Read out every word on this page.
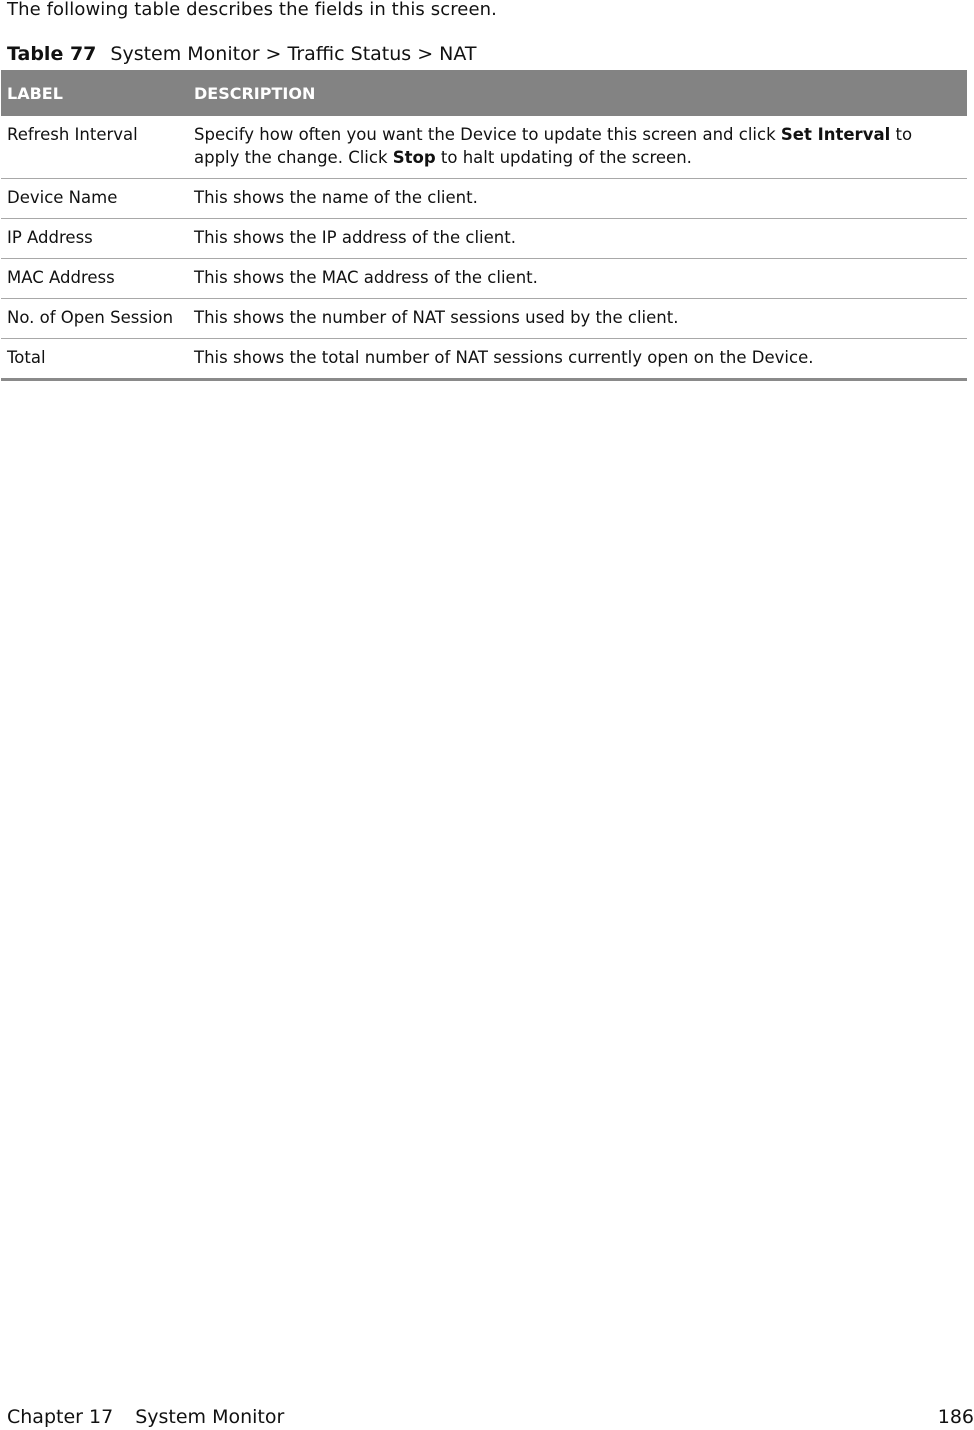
The following table describes the fields in this screen.
Table 77 System Monitor > Traffic Status > NAT
LABEL	DESCRIPTION
Refresh Interval	Specify how often you want the Device to update this screen and click Set Interval to apply the change. Click Stop to halt updating of the screen.
Device Name	This shows the name of the client.
IP Address	This shows the IP address of the client.
MAC Address	This shows the MAC address of the client.
No. of Open Session	This shows the number of NAT sessions used by the client.
Total	This shows the total number of NAT sessions currently open on the Device.
Chapter 17 System Monitor	186
